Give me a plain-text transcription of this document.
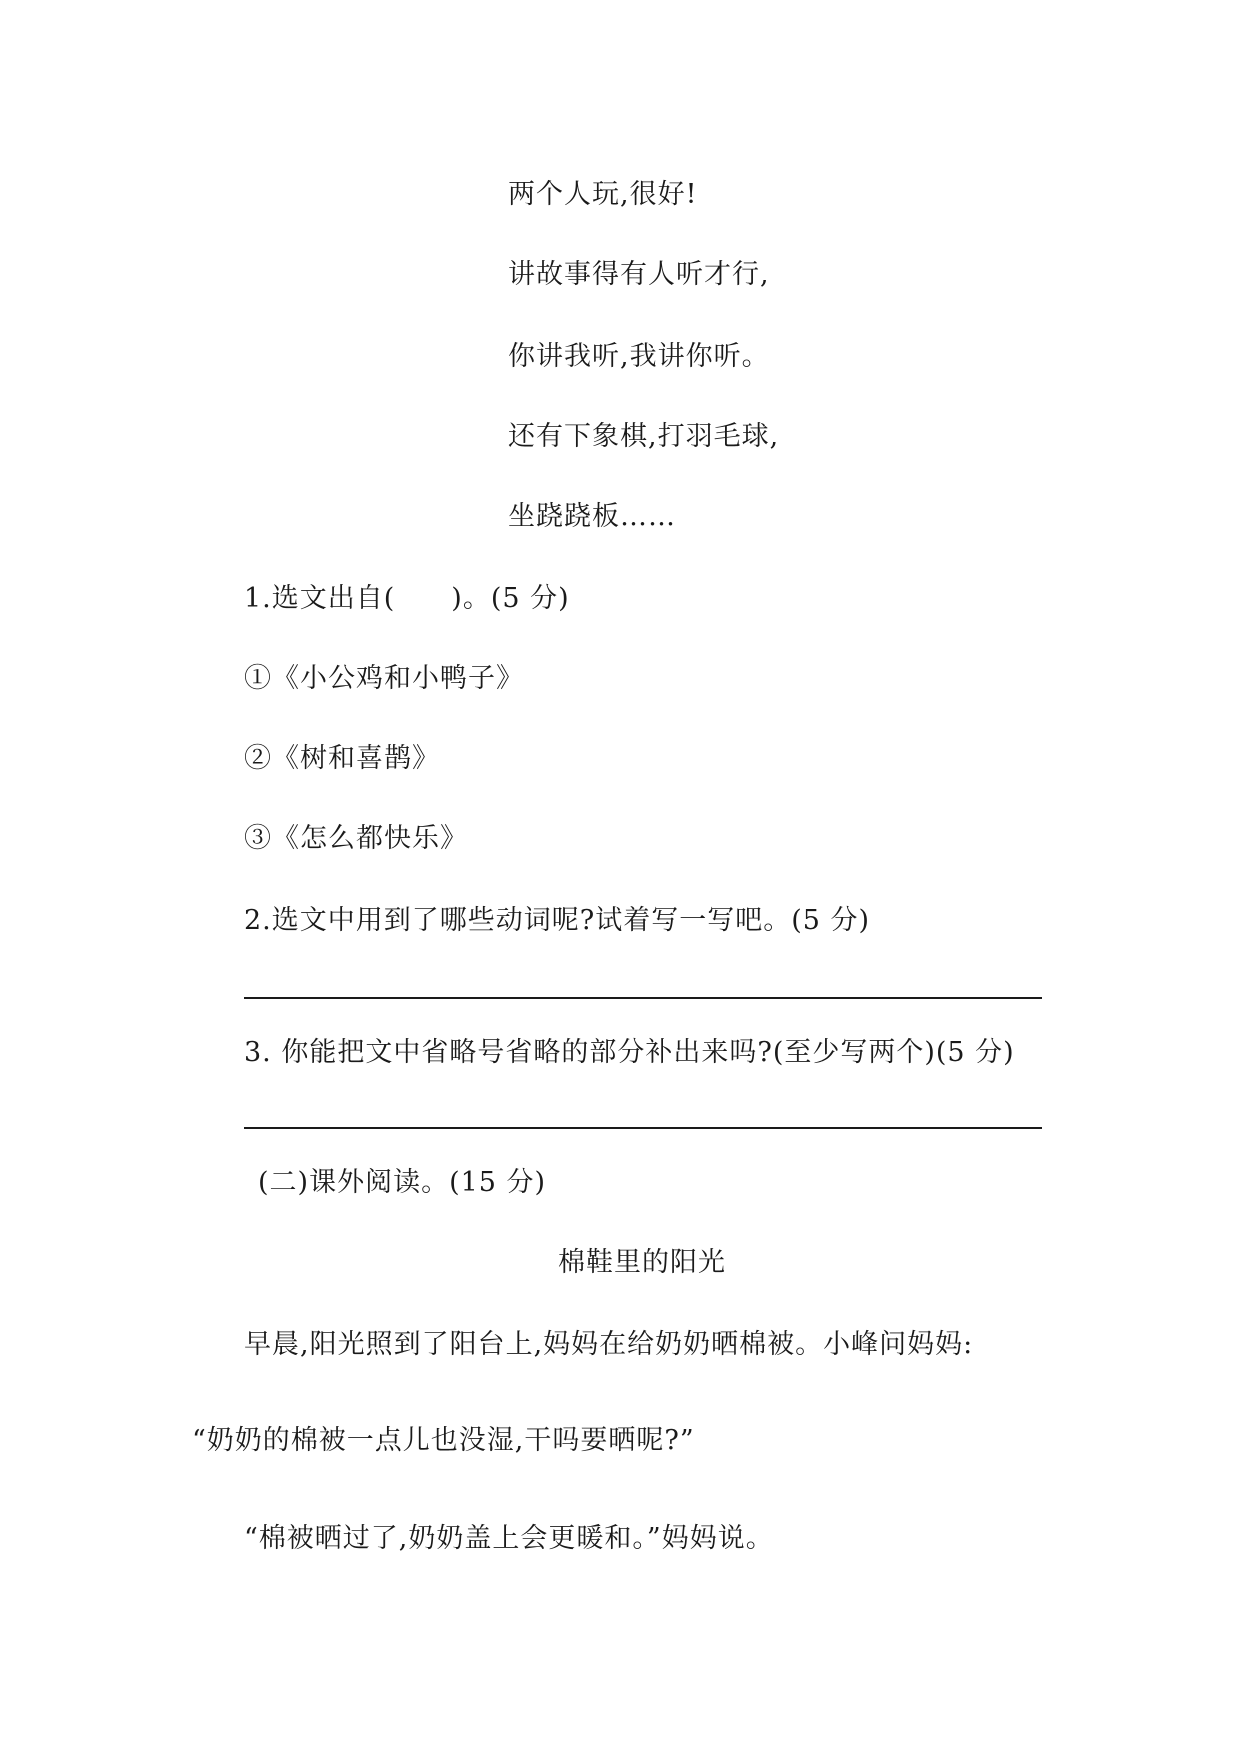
两个人玩,很好!
讲故事得有人听才行,
你讲我听,我讲你听。
还有下象棋,打羽毛球,
坐跷跷板……
1.选文出自(　　)。(5 分)
①《小公鸡和小鸭子》
②《树和喜鹊》
③《怎么都快乐》
2.选文中用到了哪些动词呢?试着写一写吧。(5 分)
3. 你能把文中省略号省略的部分补出来吗?(至少写两个)(5 分)
(二)课外阅读。(15 分)
棉鞋里的阳光
早晨,阳光照到了阳台上,妈妈在给奶奶晒棉被。小峰问妈妈:
“奶奶的棉被一点儿也没湿,干吗要晒呢?”
“棉被晒过了,奶奶盖上会更暖和。”妈妈说。
